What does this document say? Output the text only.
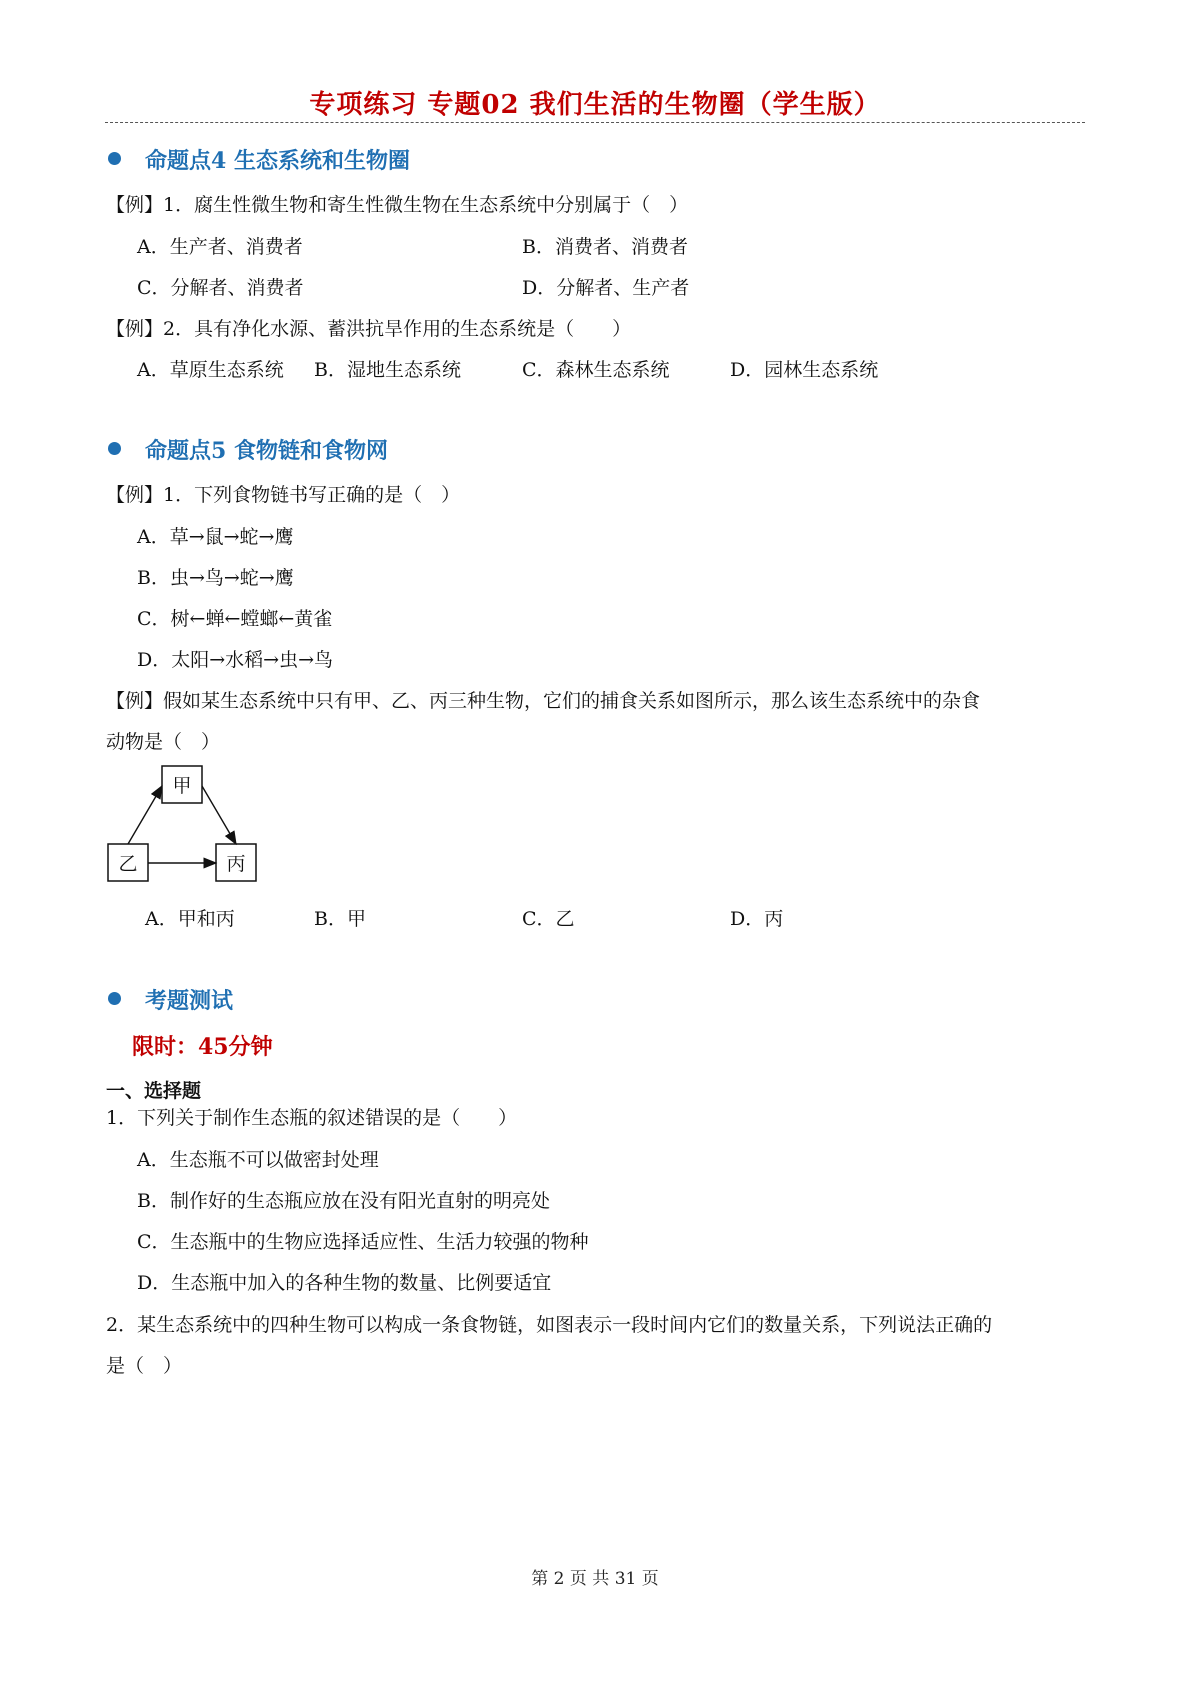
专项练习 专题02 我们生活的生物圈（学生版）
命题点4 生态系统和生物圈
【例】1．腐生性微生物和寄生性微生物在生态系统中分别属于（　）
A．生产者、消费者	B．消费者、消费者
C．分解者、消费者	D．分解者、生产者
【例】2．具有净化水源、蓄洪抗旱作用的生态系统是（　　）
A．草原生态系统 B．湿地生态系统	C．森林生态系统	D．园林生态系统
命题点5 食物链和食物网
【例】1．下列食物链书写正确的是（　）
A．草→鼠→蛇→鹰
B．虫→鸟→蛇→鹰
C．树←蝉←螳螂←黄雀
D．太阳→水稻→虫→鸟
【例】假如某生态系统中只有甲、乙、丙三种生物，它们的捕食关系如图所示，那么该生态系统中的杂食
动物是（　）
甲
乙	丙
A．甲和丙	B．甲	C．乙	D．丙
考题测试
限时：45分钟
一、选择题
1．下列关于制作生态瓶的叙述错误的是（　　）
A．生态瓶不可以做密封处理
B．制作好的生态瓶应放在没有阳光直射的明亮处
C．生态瓶中的生物应选择适应性、生活力较强的物种
D．生态瓶中加入的各种生物的数量、比例要适宜
2．某生态系统中的四种生物可以构成一条食物链，如图表示一段时间内它们的数量关系，下列说法正确的
是（　）
第 2 页 共 31 页
